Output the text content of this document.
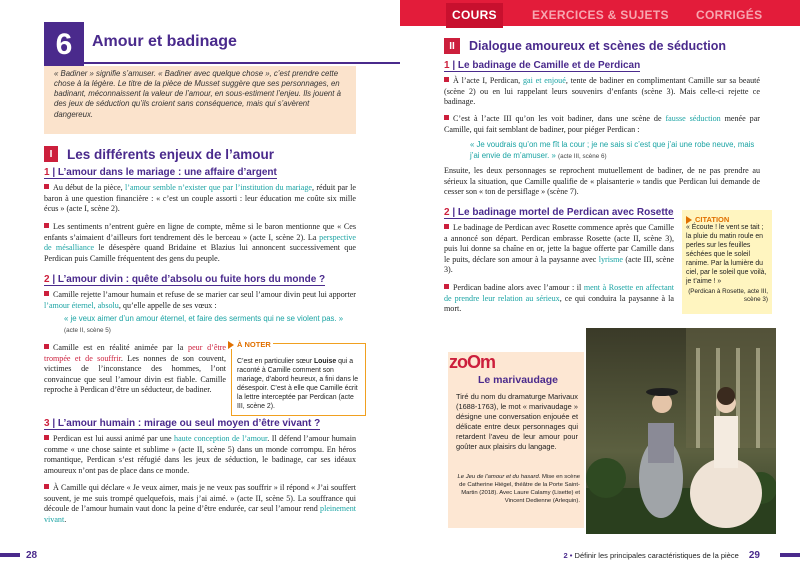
6	Amour et badinage

« Badiner » signifie s’amuser. « Badiner avec quelque chose », c’est prendre cette chose à la légère. Le titre de la pièce de Musset suggère que ses personnages, en badinant, méconnaissent la valeur de l’amour, en sous-estiment l’enjeu. Ils jouent à des jeux de séduction qu’ils croient sans conséquence, mais qui s’avèrent dangereux.

I	Les différents enjeux de l’amour
1 | L’amour dans le mariage : une affaire d’argent
Au début de la pièce, l’amour semble n’exister que par l’institution du mariage, réduit par le baron à une question financière : « c’est un couple assorti : leur éducation me coûte six mille écus » (acte I, scène 2).
Les sentiments n’entrent guère en ligne de compte, même si le baron mentionne que « Ces enfants s’aimaient d’ailleurs fort tendrement dès le berceau » (acte I, scène 2). La perspective de mésalliance le désespère quand Bridaine et Blazius lui annoncent successivement que Perdican puis Camille fréquentent des gens du peuple.
2 | L’amour divin : quête d’absolu ou fuite hors du monde ?
Camille rejette l’amour humain et refuse de se marier car seul l’amour divin peut lui apporter l’amour éternel, absolu, qu’elle appelle de ses vœux :
« je veux aimer d’un amour éternel, et faire des serments qui ne se violent pas. » (acte II, scène 5)
Camille est en réalité animée par la peur d’être trompée et de souffrir. Les nonnes de son couvent, victimes de l’inconstance des hommes, l’ont convaincue que seul l’amour divin est fiable. Camille reproche à Perdican d’être un séducteur, de badiner.
À NOTER

C’est en particulier sœur Louise qui a raconté à Camille comment son mariage, d’abord heureux, a fini dans le désespoir. C’est à elle que Camille écrit la lettre interceptée par Perdican (acte III, scène 2).

3 | L’amour humain : mirage ou seul moyen d’être vivant ?
Perdican est lui aussi animé par une haute conception de l’amour. Il défend l’amour humain comme « une chose sainte et sublime » (acte II, scène 5) dans un monde corrompu. En héros romantique, Perdican s’est réfugié dans les jeux de séduction, le badinage, car ses idéaux amoureux n’ont pas de place dans ce monde.
À Camille qui déclare « Je veux aimer, mais je ne veux pas souffrir » il répond « J’ai souffert souvent, je me suis trompé quelquefois, mais j’ai aimé. » (acte II, scène 5). La souffrance qui découle de l’amour humain vaut donc la peine d’être endurée, car seul l’amour rend pleinement vivant.
28
COURS	EXERCICES & SUJETS CORRIGÉS
II	Dialogue amoureux et scènes de séduction
1 | Le badinage de Camille et de Perdican
À l’acte I, Perdican, gai et enjoué, tente de badiner en complimentant Camille sur sa beauté (scène 2) ou en lui rappelant leurs souvenirs d’enfants (scène 3). Mais celle-ci rejette ce badinage.
C’est à l’acte III qu’on les voit badiner, dans une scène de fausse séduction menée par Camille, qui fait semblant de badiner, pour piéger Perdican :
« Je voudrais qu’on me fît la cour ; je ne sais si c’est que j’ai une robe neuve, mais j’ai envie de m’amuser. » (acte III, scène 6)
Ensuite, les deux personnages se reprochent mutuellement de badiner, de ne pas prendre au sérieux la situation, que Camille qualifie de « plaisanterie » tandis que Perdican lui demande de cesser son « ton de persiflage » (scène 7).
2 | Le badinage mortel de Perdican avec Rosette
Le badinage de Perdican avec Rosette commence après que Camille a annoncé son départ. Perdican embrasse Rosette (acte II, scène 3), puis lui donne sa chaîne en or, jette la bague offerte par Camille dans le puits, déclare son amour à la paysanne avec lyrisme (acte III, scène 3).
Perdican badine alors avec l’amour : il ment à Rosette en affectant de prendre leur relation au sérieux, ce qui conduira la paysanne à la mort.
CITATION

« Écoute ! le vent se tait ; la pluie du matin roule en perles sur les feuilles séchées que le soleil ranime. Par la lumière du ciel, par le soleil que voilà, je t’aime ! »
(Perdican à Rosette, acte III, scène 3)

zoOm
Le marivaudage
Tiré du nom du dramaturge Marivaux (1688-1763), le mot « marivaudage » désigne une conversation enjouée et délicate entre deux personnages qui retardent l’aveu de leur amour pour goûter aux plaisirs du langage.
Le Jeu de l’amour et du hasard. Mise en scène de Catherine Hiégel, théâtre de la Porte Saint-Martin (2018). Avec Laure Calamy (Lisette) et Vincent Dedienne (Arlequin).
2 • Définir les principales caractéristiques de la pièce 29
